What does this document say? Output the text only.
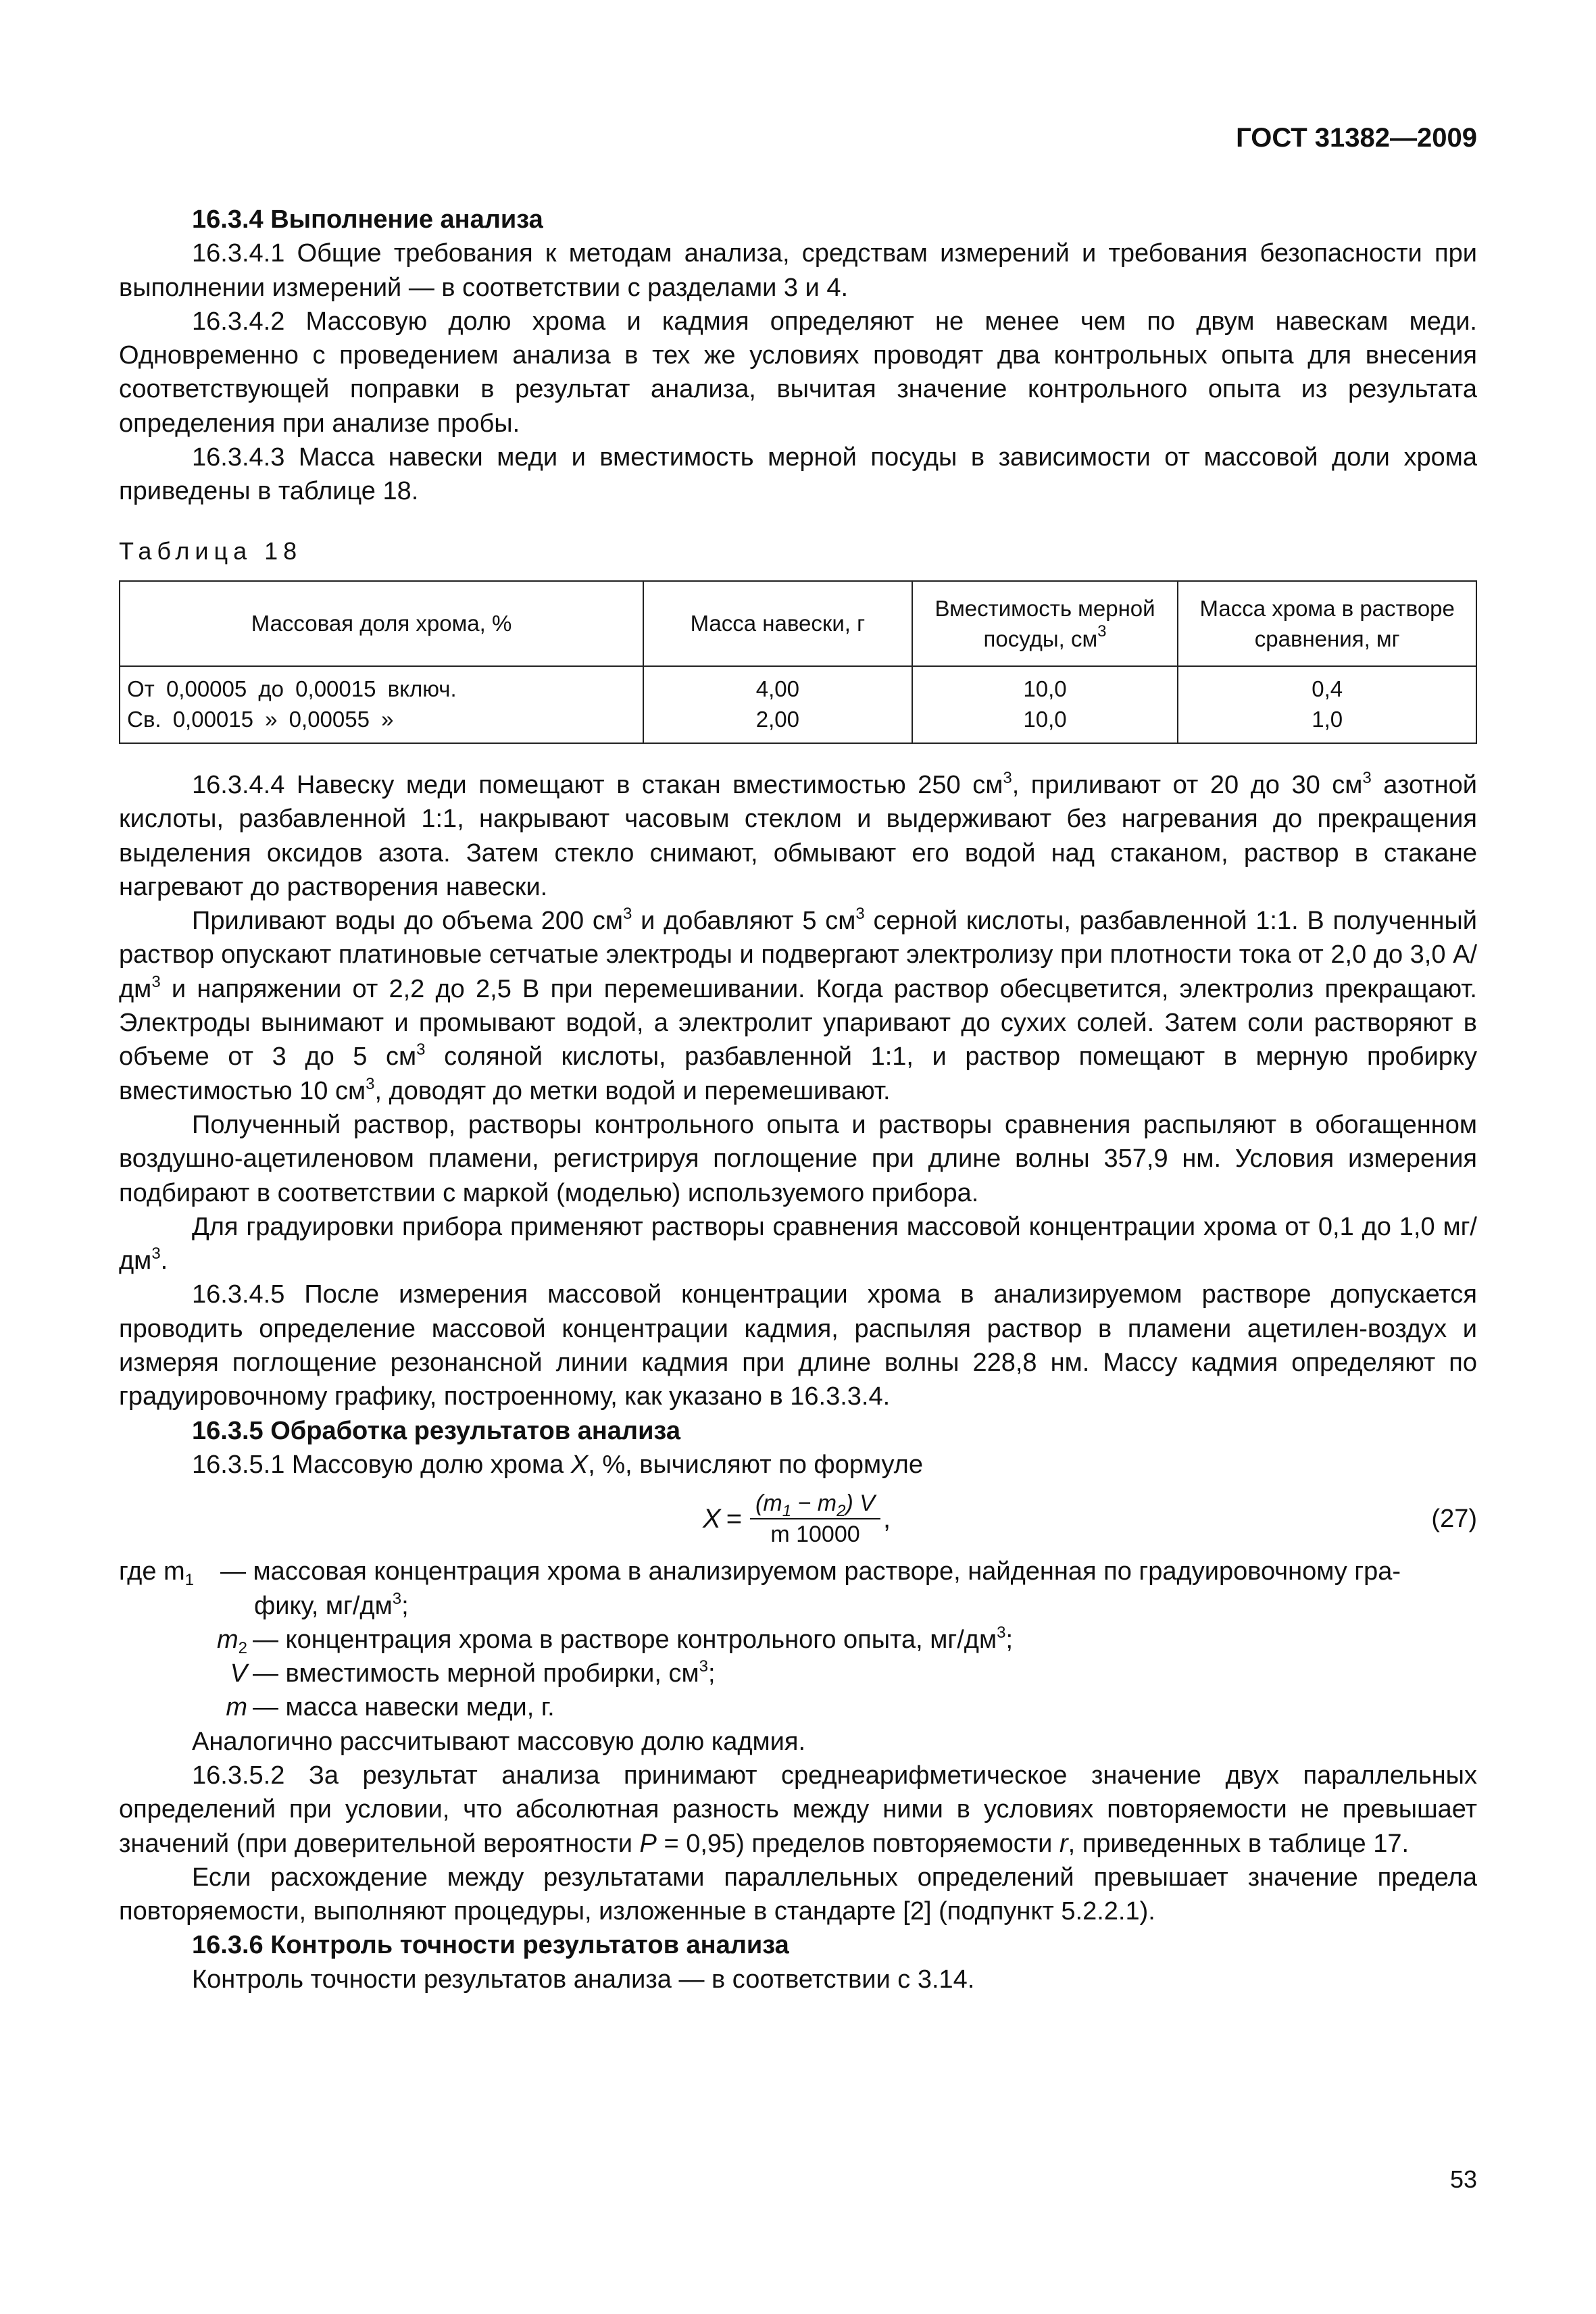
ГОСТ 31382—2009

16.3.4 Выполнение анализа

16.3.4.1 Общие требования к методам анализа, средствам измерений и требования безопасности при выполнении измерений — в соответствии с разделами 3 и 4.

16.3.4.2 Массовую долю хрома и кадмия определяют не менее чем по двум навескам меди. Одновременно с проведением анализа в тех же условиях проводят два контрольных опыта для внесения соответствующей поправки в результат анализа, вычитая значение контрольного опыта из результата определения при анализе пробы.

16.3.4.3 Масса навески меди и вместимость мерной посуды в зависимости от массовой доли хрома приведены в таблице 18.

Таблица 18
Массовая доля хрома, %	Масса навески, г	Вместимость мерной посуды, $см^3$	Масса хрома в растворе сравнения, мг

От 0,00005 до 0,00015 включ.	4,00	10,0	0,4
Св. 0,00015 » 0,00055 »	2,00	10,0	1,0

16.3.4.4 Навеску меди помещают в стакан вместимостью 250 $см^3$, приливают от 20 до 30 $см^3$ азотной кислоты, разбавленной 1:1, накрывают часовым стеклом и выдерживают без нагревания до прекращения выделения оксидов азота. Затем стекло снимают, обмывают его водой над стаканом, раствор в стакане нагревают до растворения навески.

Приливают воды до объема 200 $см^3$ и добавляют 5 $см^3$ серной кислоты, разбавленной 1:1. В полученный раствор опускают платиновые сетчатые электроды и подвергают электролизу при плотности тока от 2,0 до 3,0 $А/дм^3$ и напряжении от 2,2 до 2,5 В при перемешивании. Когда раствор обесцветится, электролиз прекращают. Электроды вынимают и промывают водой, а электролит упаривают до сухих солей. Затем соли растворяют в объеме от 3 до 5 $см^3$ соляной кислоты, разбавленной 1:1, и раствор помещают в мерную пробирку вместимостью 10 $см^3$, доводят до метки водой и перемешивают.

Полученный раствор, растворы контрольного опыта и растворы сравнения распыляют в обогащенном воздушно-ацетиленовом пламени, регистрируя поглощение при длине волны 357,9 нм. Условия измерения подбирают в соответствии с маркой (моделью) используемого прибора.

Для градуировки прибора применяют растворы сравнения массовой концентрации хрома от 0,1 до 1,0 $мг/дм^3$.

16.3.4.5 После измерения массовой концентрации хрома в анализируемом растворе допускается проводить определение массовой концентрации кадмия, распыляя раствор в пламени ацетилен-воздух и измеряя поглощение резонансной линии кадмия при длине волны 228,8 нм. Массу кадмия определяют по градуировочному графику, построенному, как указано в 16.3.3.4.

16.3.5 Обработка результатов анализа

16.3.5.1 Массовую долю хрома X, %, вычисляют по формуле

$X = \frac{(m_1 - m_2) V}{m 10000}$ ,	(27)
где $m_1$	— массовая концентрация хрома в анализируемом растворе, найденная по градуировочному гра-
фику, $мг/дм^3$;
$m_2$ — концентрация хрома в растворе контрольного опыта, $мг/дм^3$;
V — вместимость мерной пробирки, $см^3$;
m — масса навески меди, г.

Аналогично рассчитывают массовую долю кадмия.

16.3.5.2 За результат анализа принимают среднеарифметическое значение двух параллельных определений при условии, что абсолютная разность между ними в условиях повторяемости не превышает значений (при доверительной вероятности P = 0,95) пределов повторяемости r, приведенных в таблице 17.

Если расхождение между результатами параллельных определений превышает значение предела повторяемости, выполняют процедуры, изложенные в стандарте [2] (подпункт 5.2.2.1).

16.3.6 Контроль точности результатов анализа

Контроль точности результатов анализа — в соответствии с 3.14.

53
